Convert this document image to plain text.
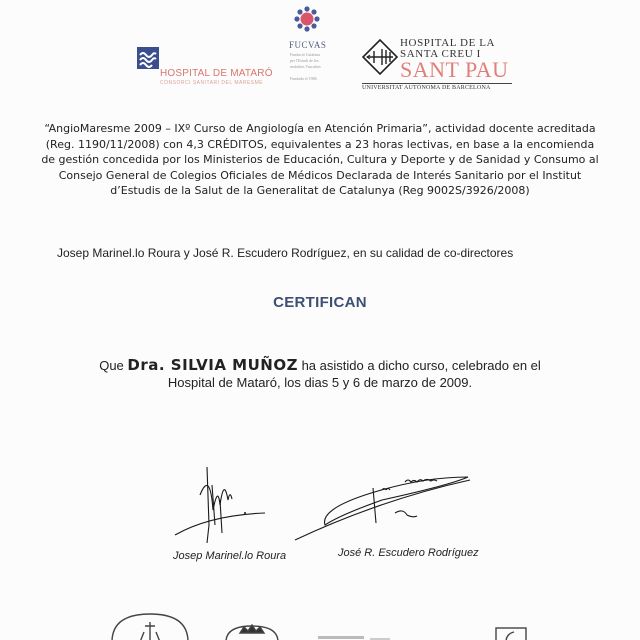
HOSPITAL DE MATARÓ
CONSORCI SANITARI DEL MARESME
FUCVAS
Fundació Catalana
per l'Estudi de les
malalties Vasculars
Fundada el 1986
HOSPITAL DE LA
SANTA CREU I
SANT PAU
UNIVERSITAT AUTÒNOMA DE BARCELONA
“AngioMaresme 2009 – IXº Curso de Angiología en Atención Primaria”, actividad docente acreditada (Reg. 1190/11/2008) con 4,3 CRÉDITOS, equivalentes a 23 horas lectivas, en base a la encomienda de gestión concedida por los Ministerios de Educación, Cultura y Deporte y de Sanidad y Consumo al Consejo General de Colegios Oficiales de Médicos Declarada de Interés Sanitario por el Institut d’Estudis de la Salut de la Generalitat de Catalunya (Reg 9002S/3926/2008)
Josep Marinel.lo Roura y José R. Escudero Rodríguez, en su calidad de co-directores
CERTIFICAN
Que Dra. SILVIA MUÑOZ ha asistido a dicho curso, celebrado en el
Hospital de Mataró, los dias 5 y 6 de marzo de 2009.
Josep Marinel.lo Roura	José R. Escudero Rodríguez
